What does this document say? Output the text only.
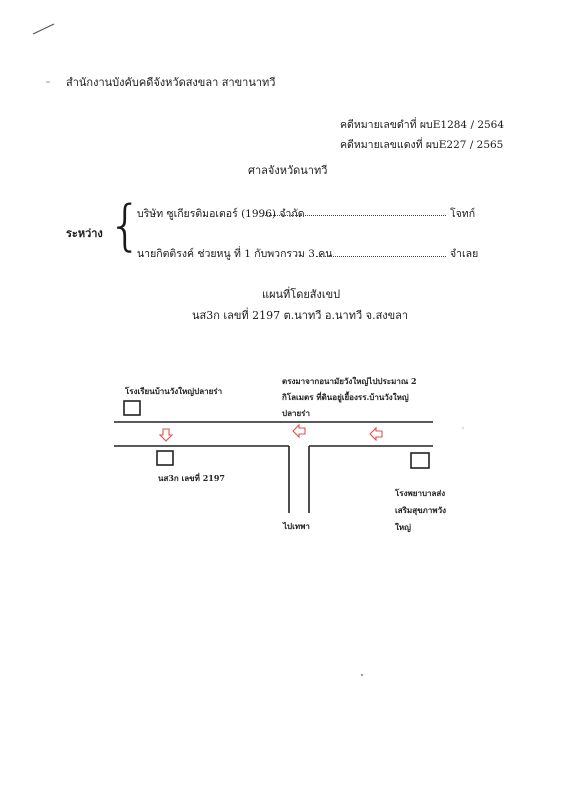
สำนักงานบังคับคดีจังหวัดสงขลา สาขานาทวี
คดีหมายเลขดำที่ ผบE1284 / 2564
คดีหมายเลขแดงที่ ผบE227 / 2565
ศาลจังหวัดนาทวี
ระหว่าง {
บริษัท ซูเกียรติมอเตอร์ (1996) จำกัด	โจทก์
นายกิตติรงค์ ช่วยหนู ที่ 1 กับพวกรวม 3 คน	จำเลย
แผนที่โดยสังเขป
นส3ก เลขที่ 2197 ต.นาทวี อ.นาทวี จ.สงขลา
โรงเรียนบ้านวังใหญ่ปลายร่า
ตรงมาจากอนามัยวังใหญ่ไปประมาณ 2
กิโลเมตร ที่ดินอยู่เยื้องรร.บ้านวังใหญ่
ปลายร่า
นส3ก เลขที่ 2197
โรงพยาบาลส่ง
เสริมสุขภาพวัง
ใหญ่
ไปเทพา
